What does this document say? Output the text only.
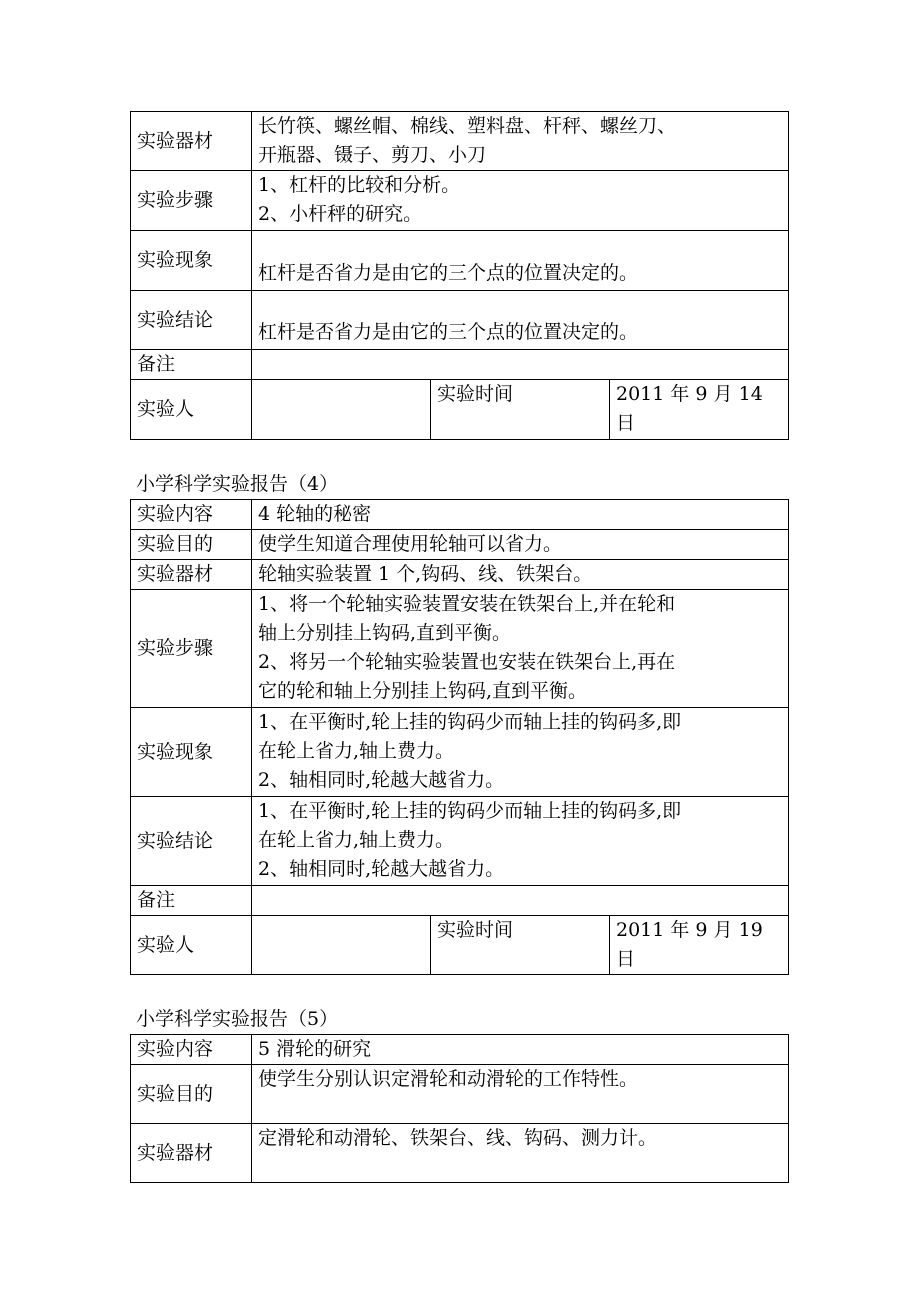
实验器材	长竹筷、螺丝帽、棉线、塑料盘、杆秤、螺丝刀、
开瓶器、镊子、剪刀、小刀		

实验步骤	1、杠杆的比较和分析。
2、小杆秤的研究。		

实验现象	杠杆是否省力是由它的三个点的位置决定的。		
实验结论	杠杆是否省力是由它的三个点的位置决定的。		
备注			
实验人		实验时间	2011 年 9 月 14
日
小学科学实验报告（4）
实验内容	4 轮轴的秘密		
实验目的	使学生知道合理使用轮轴可以省力。		
实验器材	轮轴实验装置 1 个,钩码、线、铁架台。		
实验步骤	1、将一个轮轴实验装置安装在铁架台上,并在轮和
轴上分别挂上钩码,直到平衡。
2、将另一个轮轴实验装置也安装在铁架台上,再在
它的轮和轴上分别挂上钩码,直到平衡。		

实验现象	1、在平衡时,轮上挂的钩码少而轴上挂的钩码多,即
在轮上省力,轴上费力。
2、轴相同时,轮越大越省力。		

实验结论	1、在平衡时,轮上挂的钩码少而轴上挂的钩码多,即
在轮上省力,轴上费力。
2、轴相同时,轮越大越省力。		

备注			
实验人		实验时间	2011 年 9 月 19
日
小学科学实验报告（5）
实验内容	5 滑轮的研究
实验目的	使学生分别认识定滑轮和动滑轮的工作特性。
实验器材	定滑轮和动滑轮、铁架台、线、钩码、测力计。
